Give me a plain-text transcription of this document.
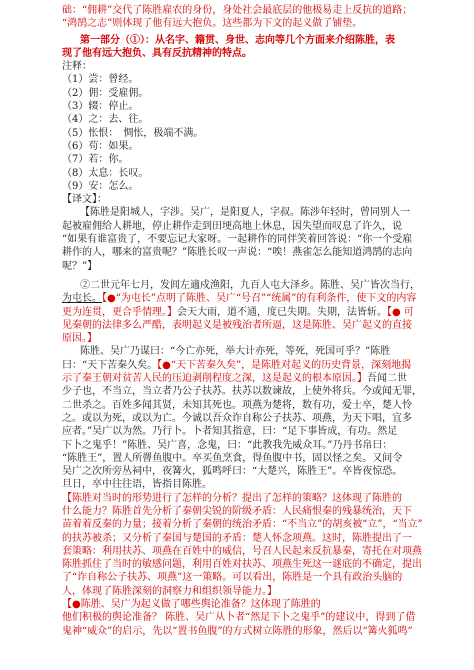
础：“佣耕”交代了陈胜雇农的身份，身处社会最底层的他极易走上反抗的道路；
“鸿鹄之志”则体现了他有远大抱负。这些都为下文的起义做了铺垫。
第一部分（①）：从名字、籍贯、身世、志向等几个方面来介绍陈胜，表
现了他有远大抱负、具有反抗精神的特点。
注释：
（1）尝：曾经。
（2）佣：受雇佣。
（3）辍：停止。
（4）之：去、往。
（5）怅恨：　惆怅，极端不满。
（6）苟：如果。
（7）若：你。
（8）太息：长叹。
（9）安：怎么。
【译文】：
【陈胜是阳城人，字涉。吴广，是阳夏人，字叔。陈涉年轻时，曾同别人一
起被雇佣给人耕地，停止耕作走到田埂高地上休息，因失望而叹息了许久，说
“如果有谁富贵了，不要忘记大家呀。一起耕作的同伴笑着回答说：“你一个受雇
耕作的人，哪来的富贵呢？”陈胜长叹一声说：“唉！燕雀怎么能知道鸿鹄的志向
呢？”】
②二世元年七月，发闾左適戍渔阳，九百人屯大泽乡。陈胜、吴广皆次当行，
为屯长。【●“为屯长”点明了陈胜、吴广“号召”“统属”的有利条件，使下文的内容
更为连贯，更合乎情理。】会天大雨，道不通，度已失期。失期，法皆斩。【● 可
见秦朝的法律多么严酷，表明起义是被残治者所逼，这是陈胜、吴广起义的直接
原因。】
陈胜、吴广乃谋曰：“今亡亦死，举大计亦死，等死，死国可乎？”陈胜
曰：“天下苦秦久矣。【●“天下苦秦久矣”，是陈胜对起义的历史背景，深刻地揭
示了秦王朝对贫苦人民的压迫剥削程度之深，这是起义的根本原因。】吾闻二世
少子也，不当立，当立者乃公子扶苏。扶苏以数谏故，上使外将兵。今或闻无罪，
二世杀之。百姓多闻其贤，未知其死也。项燕为楚将，数有功，爱士卒，楚人怜
之。或以为死，或以为亡。今诚以吾众诈自称公子扶苏、项燕，为天下唱，宜多
应者。”吴广以为然。乃行卜。卜者知其指意，曰：“足下事皆成，有功。然足
下卜之鬼乎！”陈胜、吴广喜，念鬼，曰：“此教我先威众耳。”乃丹书帛曰：
“陈胜王”，置人所罾鱼腹中。卒买鱼烹食，得鱼腹中书，固以怪之矣。又间令
吴广之次所旁丛祠中，夜篝火，狐鸣呼曰：“大楚兴，陈胜王”。卒皆夜惊恐。
旦日，卒中往往语，皆指目陈胜。
【陈胜对当时的形势进行了怎样的分析？提出了怎样的策略？这体现了陈胜的
什么能力？陈胜首先分析了秦朝尖锐的阶级矛盾：人民痛恨秦的残暴统治，天下
苗着着反秦的力量；接着分析了秦朝的统治矛盾：“不当立”的胡亥被“立”，“当立”
的扶苏被杀；又分析了秦国与楚国的矛盾：楚人怀念项燕。这时，陈胜提出了一
套策略：利用扶苏、项燕在百姓中的威信，号召人民起来反抗暴秦，寄托在对项燕
陈胜抓住了当时的敏感问题，利用百姓对扶苏、项燕生死这一谜底的不确定，提出
了“诈自称公子扶苏、项燕”这一策略。可以看出，陈胜是一个具有政治头脑的
人，体现了陈胜深刻的洞察力和组织领导能力。】
【●陈胜、吴广为起义做了哪些舆论准备？这体现了陈胜的
他们积极的舆论准备？ 陈胜、吴广从卜者“然足下卜之鬼乎”的建议中，得到了借
鬼神“威众”的启示，先以“置书鱼腹”的方式树立陈胜的形象，然后以“篝火狐鸣”
